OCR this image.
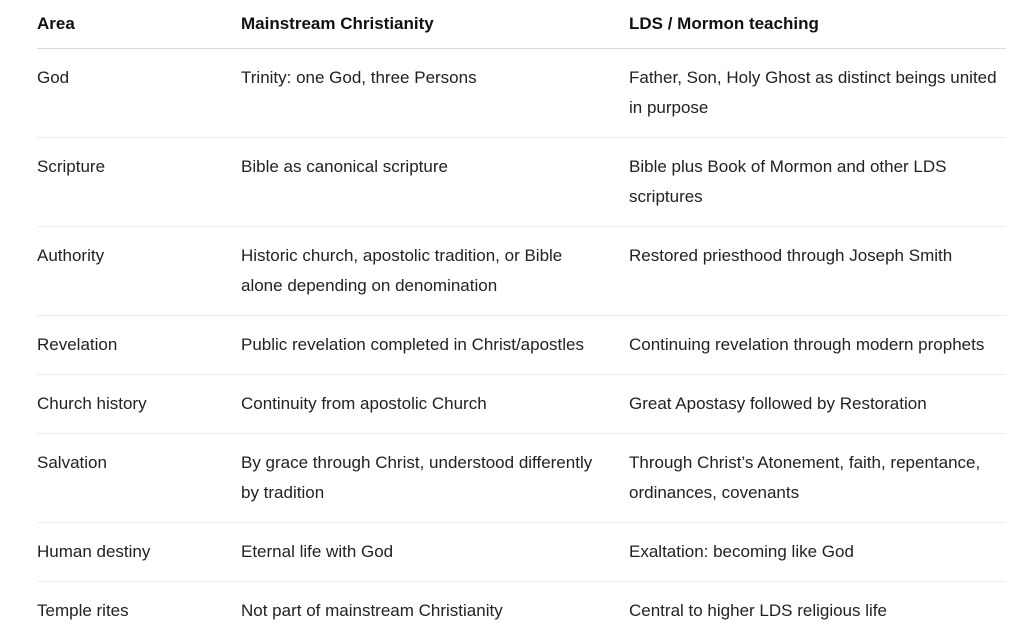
Area	Mainstream Christianity	LDS / Mormon teaching
God	Trinity: one God, three Persons	Father, Son, Holy Ghost as distinct beings united in purpose
Scripture	Bible as canonical scripture	Bible plus Book of Mormon and other LDS scriptures
Authority	Historic church, apostolic tradition, or Bible alone depending on denomination	Restored priesthood through Joseph Smith
Revelation	Public revelation completed in Christ/apostles	Continuing revelation through modern prophets
Church history	Continuity from apostolic Church	Great Apostasy followed by Restoration
Salvation	By grace through Christ, understood differently by tradition	Through Christ’s Atonement, faith, repentance, ordinances, covenants
Human destiny	Eternal life with God	Exaltation: becoming like God
Temple rites	Not part of mainstream Christianity	Central to higher LDS religious life
